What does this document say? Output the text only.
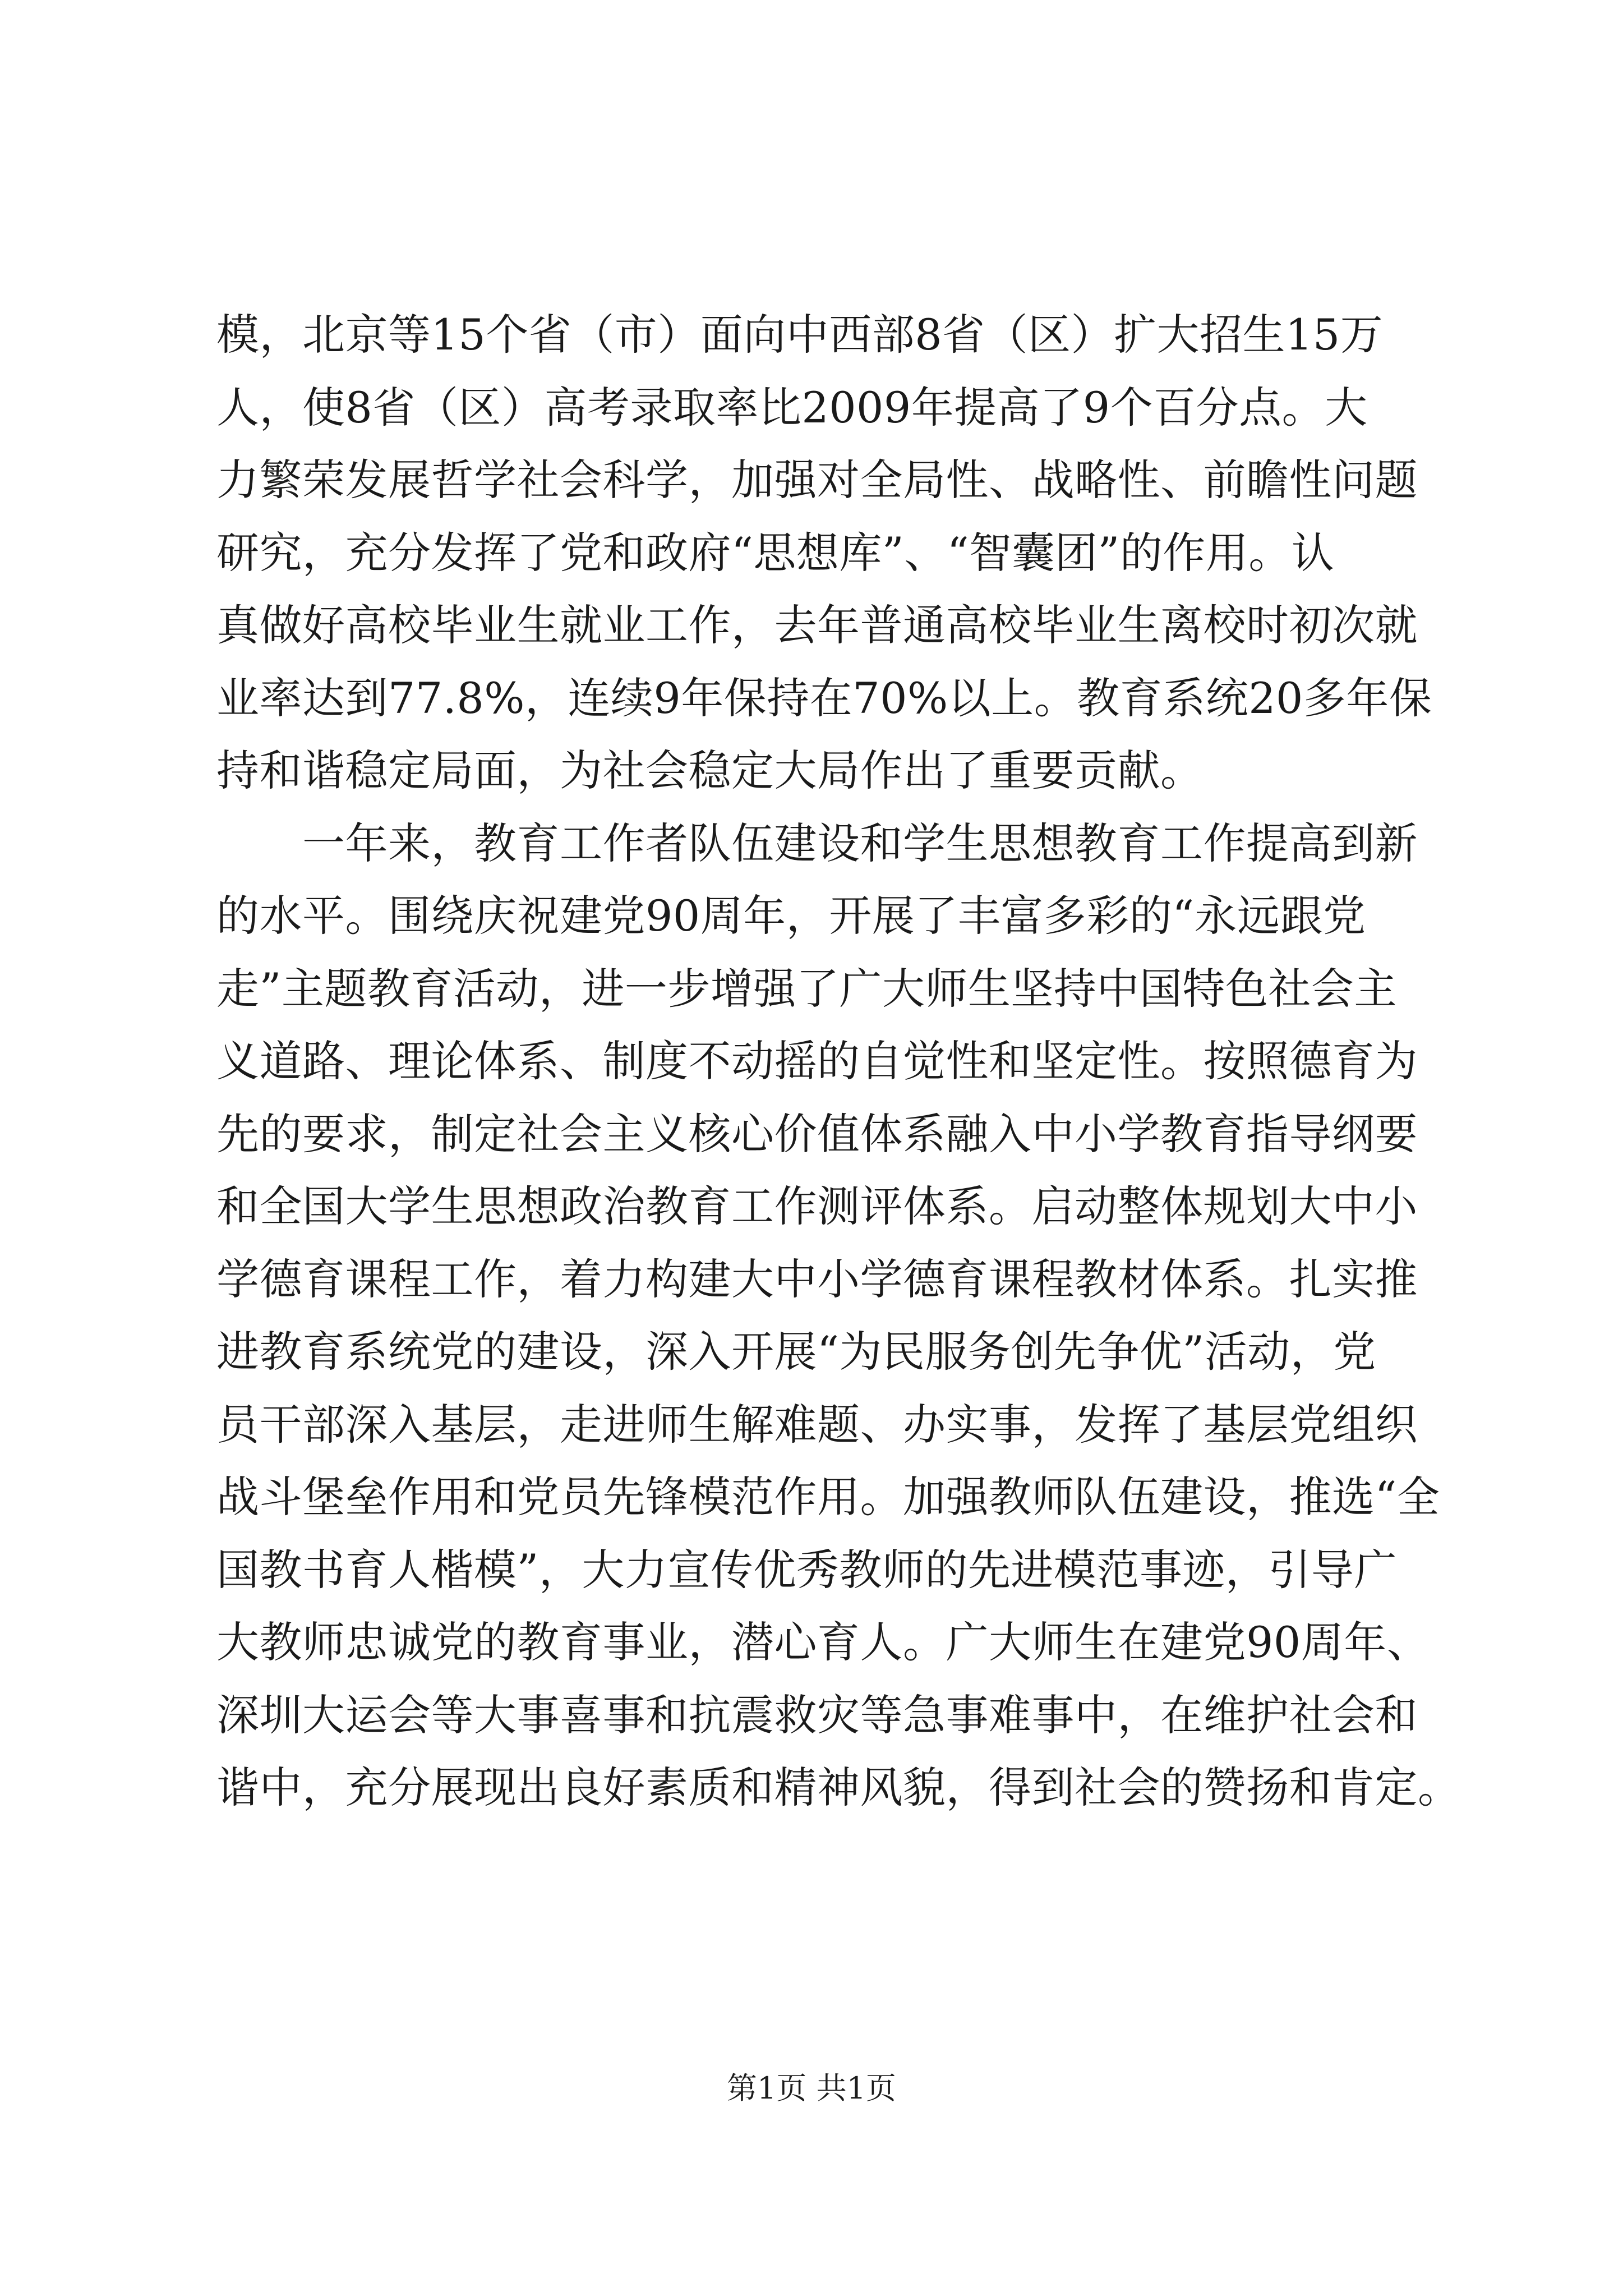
模，北京等15个省（市）面向中西部8省（区）扩大招生15万
人，使8省（区）高考录取率比2009年提高了9个百分点。大
力繁荣发展哲学社会科学，加强对全局性、战略性、前瞻性问题
研究，充分发挥了党和政府“思想库”、“智囊团”的作用。认
真做好高校毕业生就业工作，去年普通高校毕业生离校时初次就
业率达到77.8%，连续9年保持在70%以上。教育系统20多年保
持和谐稳定局面，为社会稳定大局作出了重要贡献。
　　一年来，教育工作者队伍建设和学生思想教育工作提高到新
的水平。围绕庆祝建党90周年，开展了丰富多彩的“永远跟党
走”主题教育活动，进一步增强了广大师生坚持中国特色社会主
义道路、理论体系、制度不动摇的自觉性和坚定性。按照德育为
先的要求，制定社会主义核心价值体系融入中小学教育指导纲要
和全国大学生思想政治教育工作测评体系。启动整体规划大中小
学德育课程工作，着力构建大中小学德育课程教材体系。扎实推
进教育系统党的建设，深入开展“为民服务创先争优”活动，党
员干部深入基层，走进师生解难题、办实事，发挥了基层党组织
战斗堡垒作用和党员先锋模范作用。加强教师队伍建设，推选“全
国教书育人楷模”，大力宣传优秀教师的先进模范事迹，引导广
大教师忠诚党的教育事业，潜心育人。广大师生在建党90周年、
深圳大运会等大事喜事和抗震救灾等急事难事中，在维护社会和
谐中，充分展现出良好素质和精神风貌，得到社会的赞扬和肯定。
第1页 共1页
